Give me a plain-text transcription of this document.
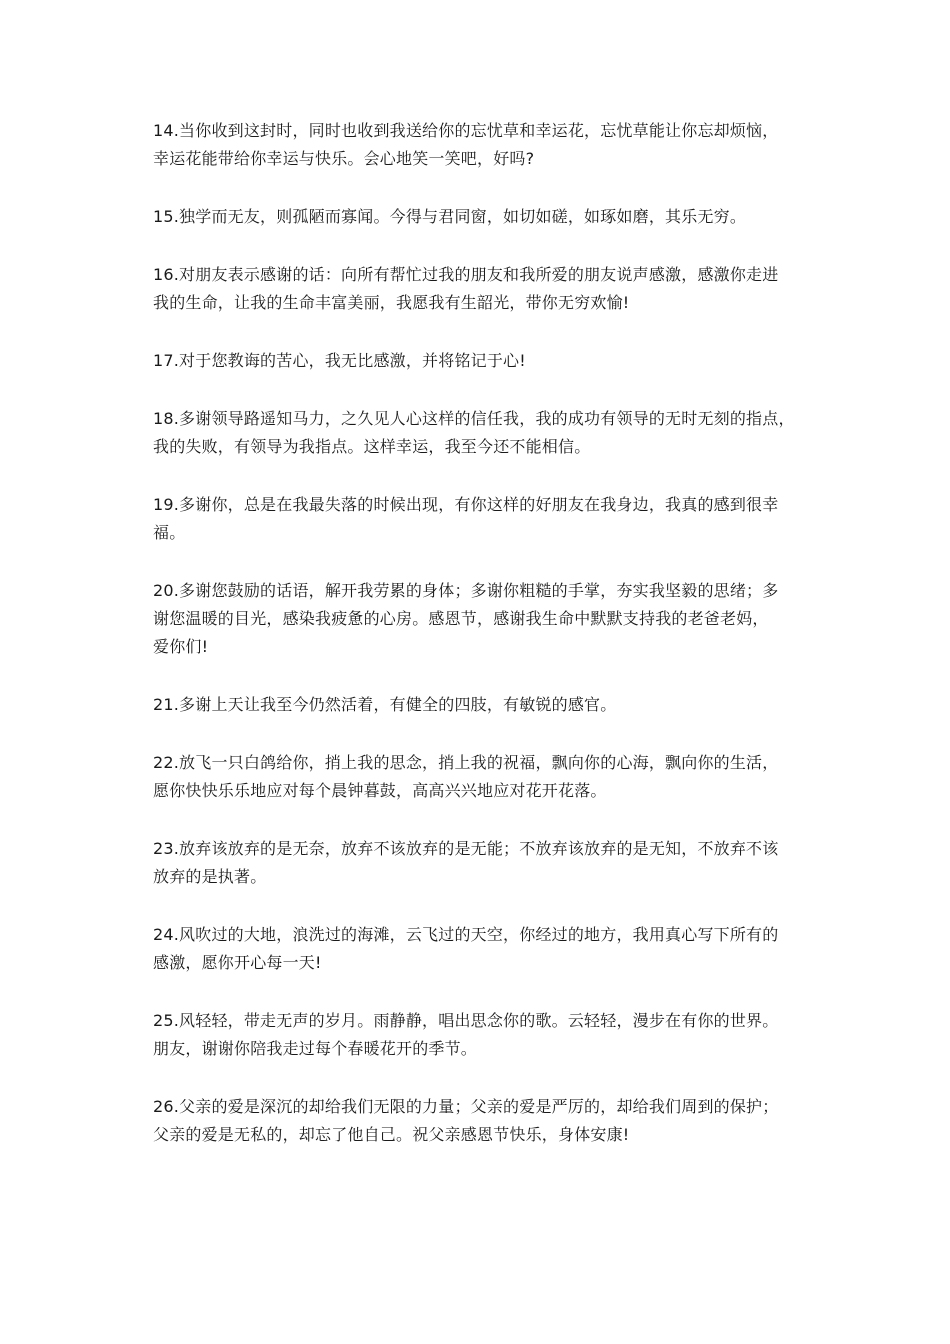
14.当你收到这封时，同时也收到我送给你的忘忧草和幸运花，忘忧草能让你忘却烦恼，
幸运花能带给你幸运与快乐。会心地笑一笑吧，好吗?
15.独学而无友，则孤陋而寡闻。今得与君同窗，如切如磋，如琢如磨，其乐无穷。
16.对朋友表示感谢的话：向所有帮忙过我的朋友和我所爱的朋友说声感激，感激你走进
我的生命，让我的生命丰富美丽，我愿我有生韶光，带你无穷欢愉!
17.对于您教诲的苦心，我无比感激，并将铭记于心!
18.多谢领导路遥知马力，之久见人心这样的信任我，我的成功有领导的无时无刻的指点，
我的失败，有领导为我指点。这样幸运，我至今还不能相信。
19.多谢你，总是在我最失落的时候出现，有你这样的好朋友在我身边，我真的感到很幸
福。
20.多谢您鼓励的话语，解开我劳累的身体；多谢你粗糙的手掌，夯实我坚毅的思绪；多
谢您温暖的目光，感染我疲惫的心房。感恩节，感谢我生命中默默支持我的老爸老妈，
爱你们!
21.多谢上天让我至今仍然活着，有健全的四肢，有敏锐的感官。
22.放飞一只白鸽给你，捎上我的思念，捎上我的祝福，飘向你的心海，飘向你的生活，
愿你快快乐乐地应对每个晨钟暮鼓，高高兴兴地应对花开花落。
23.放弃该放弃的是无奈，放弃不该放弃的是无能；不放弃该放弃的是无知，不放弃不该
放弃的是执著。
24.风吹过的大地，浪洗过的海滩，云飞过的天空，你经过的地方，我用真心写下所有的
感激，愿你开心每一天!
25.风轻轻，带走无声的岁月。雨静静，唱出思念你的歌。云轻轻，漫步在有你的世界。
朋友，谢谢你陪我走过每个春暖花开的季节。
26.父亲的爱是深沉的却给我们无限的力量；父亲的爱是严厉的，却给我们周到的保护；
父亲的爱是无私的，却忘了他自己。祝父亲感恩节快乐，身体安康!
